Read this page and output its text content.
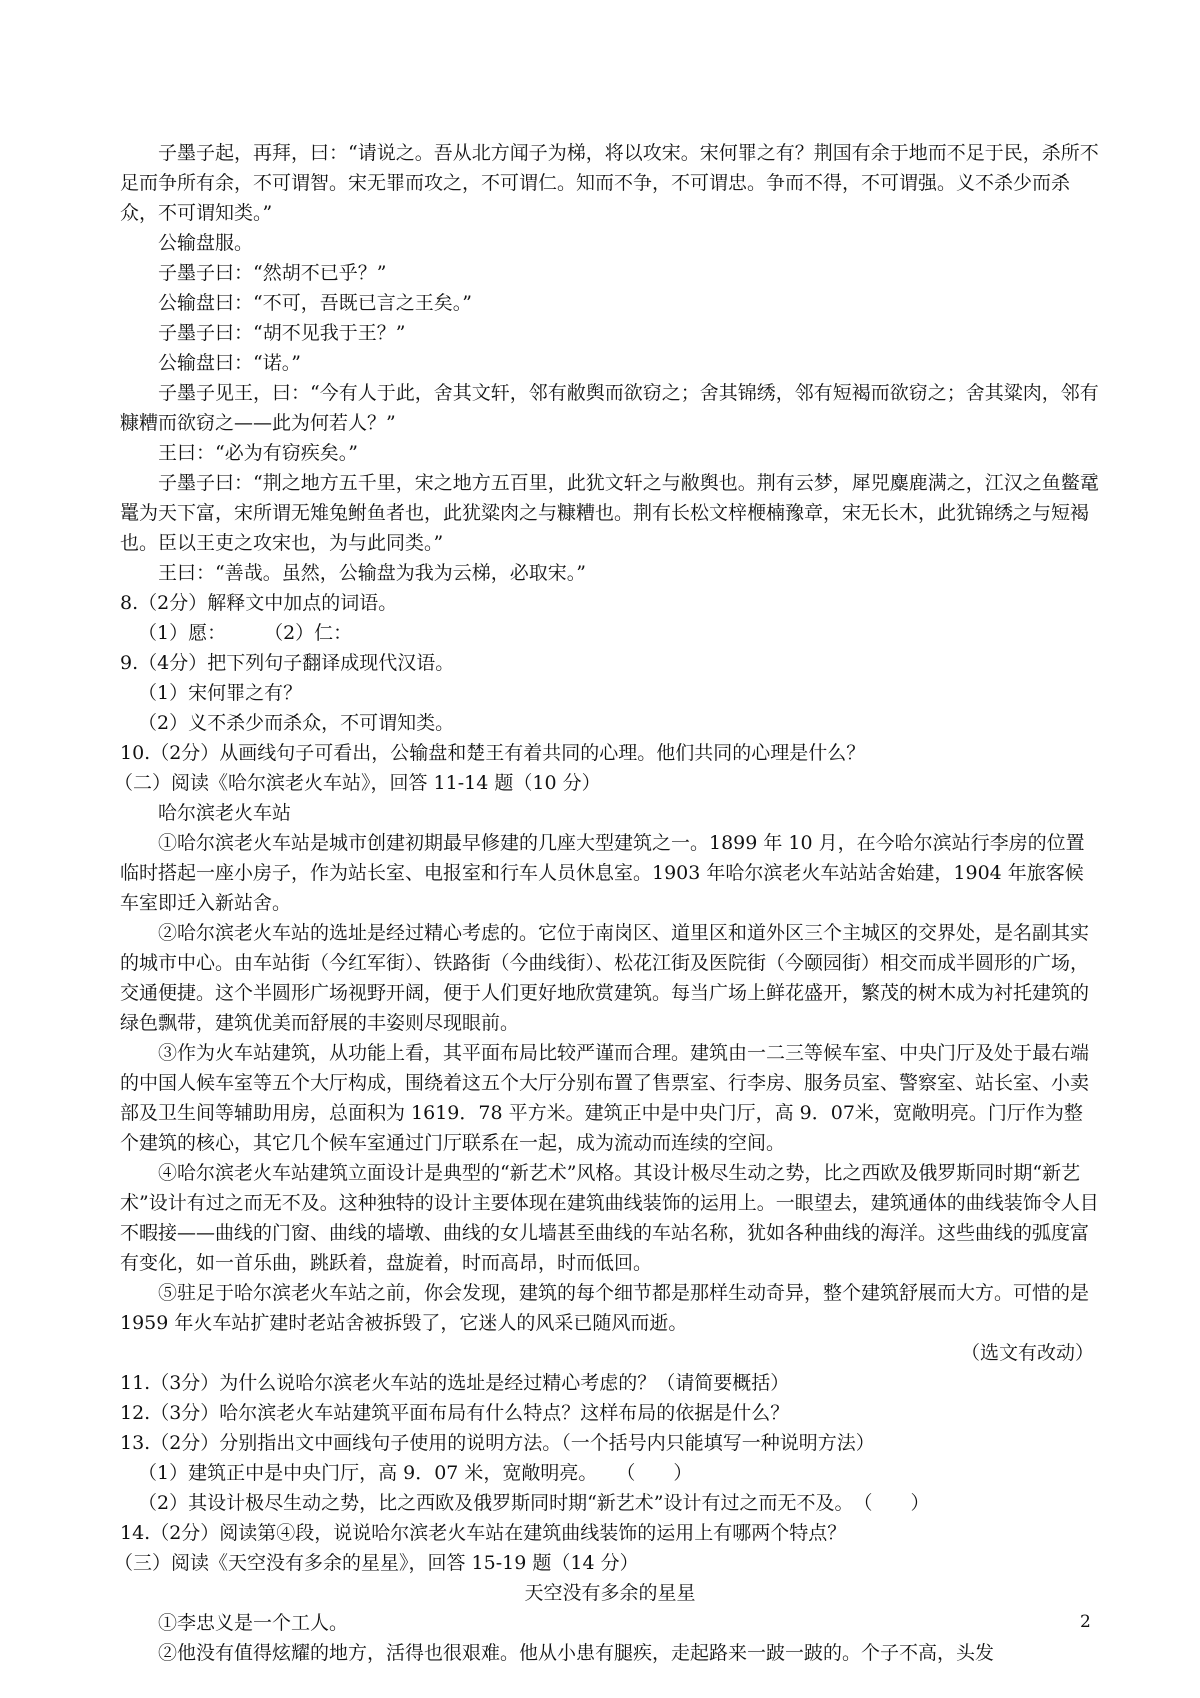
子墨子起，再拜，曰：“请说之。吾从北方闻子为梯，将以攻宋。宋何罪之有？荆国有余于地而不足于民，杀所不足而争所有余，不可谓智。宋无罪而攻之，不可谓仁。知而不争，不可谓忠。争而不得，不可谓强。义不杀少而杀众，不可谓知类。”

公输盘服。

子墨子曰：“然胡不已乎？”

公输盘曰：“不可，吾既已言之王矣。”

子墨子曰：“胡不见我于王？”

公输盘曰：“诺。”

子墨子见王，曰：“今有人于此，舍其文轩，邻有敝舆而欲窃之；舍其锦绣，邻有短褐而欲窃之；舍其粱肉，邻有糠糟而欲窃之——此为何若人？”

王曰：“必为有窃疾矣。”

子墨子曰：“荆之地方五千里，宋之地方五百里，此犹文轩之与敝舆也。荆有云梦，犀兕麋鹿满之，江汉之鱼鳖鼋鼍为天下富，宋所谓无雉兔鲋鱼者也，此犹粱肉之与糠糟也。荆有长松文梓楩楠豫章，宋无长木，此犹锦绣之与短褐也。臣以王吏之攻宋也，为与此同类。”

王曰：“善哉。虽然，公输盘为我为云梯，必取宋。”

8.（2分）解释文中加点的词语。

（1）愿：　　　（2）仁：

9.（4分）把下列句子翻译成现代汉语。

（1）宋何罪之有？

（2）义不杀少而杀众，不可谓知类。

10.（2分）从画线句子可看出，公输盘和楚王有着共同的心理。他们共同的心理是什么？

（二）阅读《哈尔滨老火车站》，回答 11-14 题（10 分）

哈尔滨老火车站

①哈尔滨老火车站是城市创建初期最早修建的几座大型建筑之一。1899 年 10 月，在今哈尔滨站行李房的位置临时搭起一座小房子，作为站长室、电报室和行车人员休息室。1903 年哈尔滨老火车站站舍始建，1904 年旅客候车室即迁入新站舍。

②哈尔滨老火车站的选址是经过精心考虑的。它位于南岗区、道里区和道外区三个主城区的交界处，是名副其实的城市中心。由车站街（今红军街）、铁路街（今曲线街）、松花江街及医院街（今颐园街）相交而成半圆形的广场，交通便捷。这个半圆形广场视野开阔，便于人们更好地欣赏建筑。每当广场上鲜花盛开，繁茂的树木成为衬托建筑的绿色飘带，建筑优美而舒展的丰姿则尽现眼前。

③作为火车站建筑，从功能上看，其平面布局比较严谨而合理。建筑由一二三等候车室、中央门厅及处于最右端的中国人候车室等五个大厅构成，围绕着这五个大厅分别布置了售票室、行李房、服务员室、警察室、站长室、小卖部及卫生间等辅助用房，总面积为 1619．78 平方米。建筑正中是中央门厅，高 9．07米，宽敞明亮。门厅作为整个建筑的核心，其它几个候车室通过门厅联系在一起，成为流动而连续的空间。

④哈尔滨老火车站建筑立面设计是典型的“新艺术”风格。其设计极尽生动之势，比之西欧及俄罗斯同时期“新艺术”设计有过之而无不及。这种独特的设计主要体现在建筑曲线装饰的运用上。一眼望去，建筑通体的曲线装饰令人目不暇接——曲线的门窗、曲线的墙墩、曲线的女儿墙甚至曲线的车站名称，犹如各种曲线的海洋。这些曲线的弧度富有变化，如一首乐曲，跳跃着，盘旋着，时而高昂，时而低回。

⑤驻足于哈尔滨老火车站之前，你会发现，建筑的每个细节都是那样生动奇异，整个建筑舒展而大方。可惜的是 1959 年火车站扩建时老站舍被拆毁了，它迷人的风采已随风而逝。

（选文有改动）

11.（3分）为什么说哈尔滨老火车站的选址是经过精心考虑的？（请简要概括）

12.（3分）哈尔滨老火车站建筑平面布局有什么特点？这样布局的依据是什么？

13.（2分）分别指出文中画线句子使用的说明方法。（一个括号内只能填写一种说明方法）

（1）建筑正中是中央门厅，高 9．07 米，宽敞明亮。　　（　　）

（2）其设计极尽生动之势，比之西欧及俄罗斯同时期“新艺术”设计有过之而无不及。　（　　）

14.（2分）阅读第④段，说说哈尔滨老火车站在建筑曲线装饰的运用上有哪两个特点？

（三）阅读《天空没有多余的星星》，回答 15-19 题（14 分）

天空没有多余的星星

①李忠义是一个工人。

②他没有值得炫耀的地方，活得也很艰难。他从小患有腿疾，走起路来一跛一跛的。个子不高，头发

2
